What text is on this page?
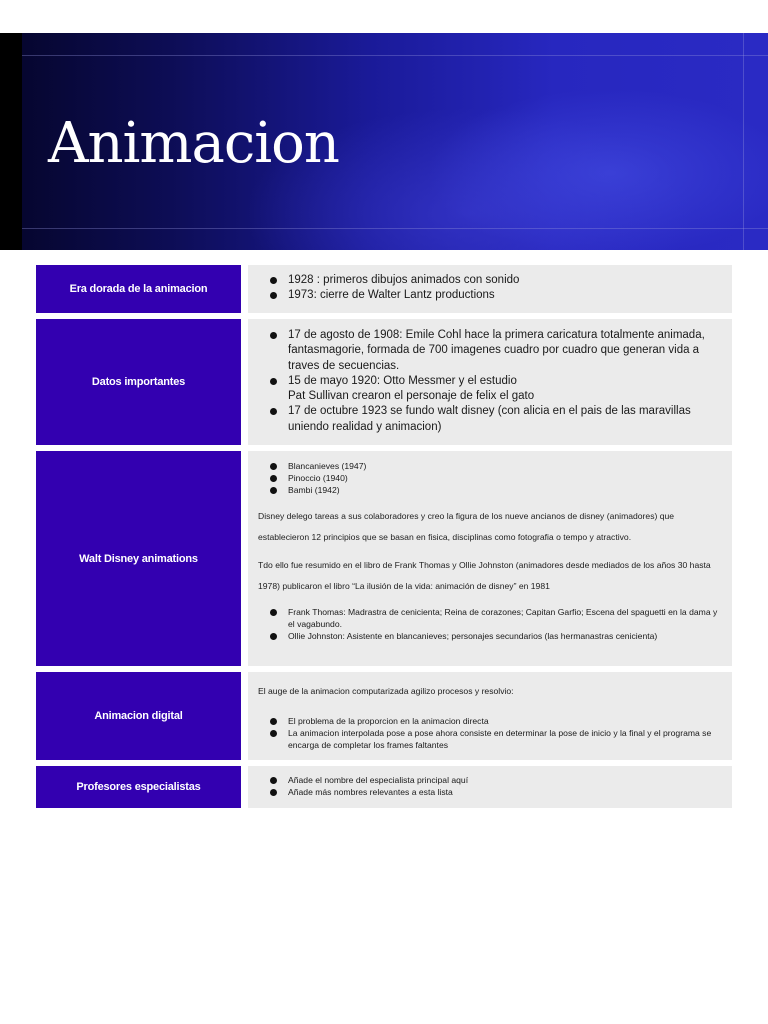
Animacion
Era dorada de la animacion
1928 : primeros dibujos animados con sonido
1973: cierre de Walter Lantz productions
Datos importantes
17 de agosto de 1908: Emile Cohl hace la primera caricatura totalmente animada, fantasmagorie, formada de 700 imagenes cuadro por cuadro que generan vida a traves de secuencias.
15 de mayo 1920: Otto Messmer y el estudio
Pat Sullivan crearon el personaje de felix el gato
17 de octubre 1923 se fundo walt disney (con alicia en el pais de las maravillas uniendo realidad y animacion)
Walt Disney animations
Blancanieves (1947)
Pinoccio (1940)
Bambi (1942)

Disney delego tareas a sus colaboradores y creo la figura de los nueve ancianos de disney (animadores) que establecieron 12 principios que se basan en fisica, disciplinas como fotografia o tempo y atractivo.

Tdo ello fue resumido en el libro de Frank Thomas y Ollie Johnston (animadores desde mediados de los años 30 hasta 1978) publicaron el libro “La ilusión de la vida: animación de disney” en 1981

Frank Thomas: Madrastra de cenicienta; Reina de corazones; Capitan Garfio; Escena del spaguetti en la dama y el vagabundo.
Ollie Johnston: Asistente en blancanieves; personajes secundarios (las hermanastras cenicienta)
Animacion digital

El auge de la animacion computarizada agilizo procesos y resolvio:

El problema de la proporcion en la animacion directa
La animacion interpolada pose a pose ahora consiste en determinar la pose de inicio y la final y el programa se encarga de completar los frames faltantes
Profesores especialistas
Añade el nombre del especialista principal aquí
Añade más nombres relevantes a esta lista
